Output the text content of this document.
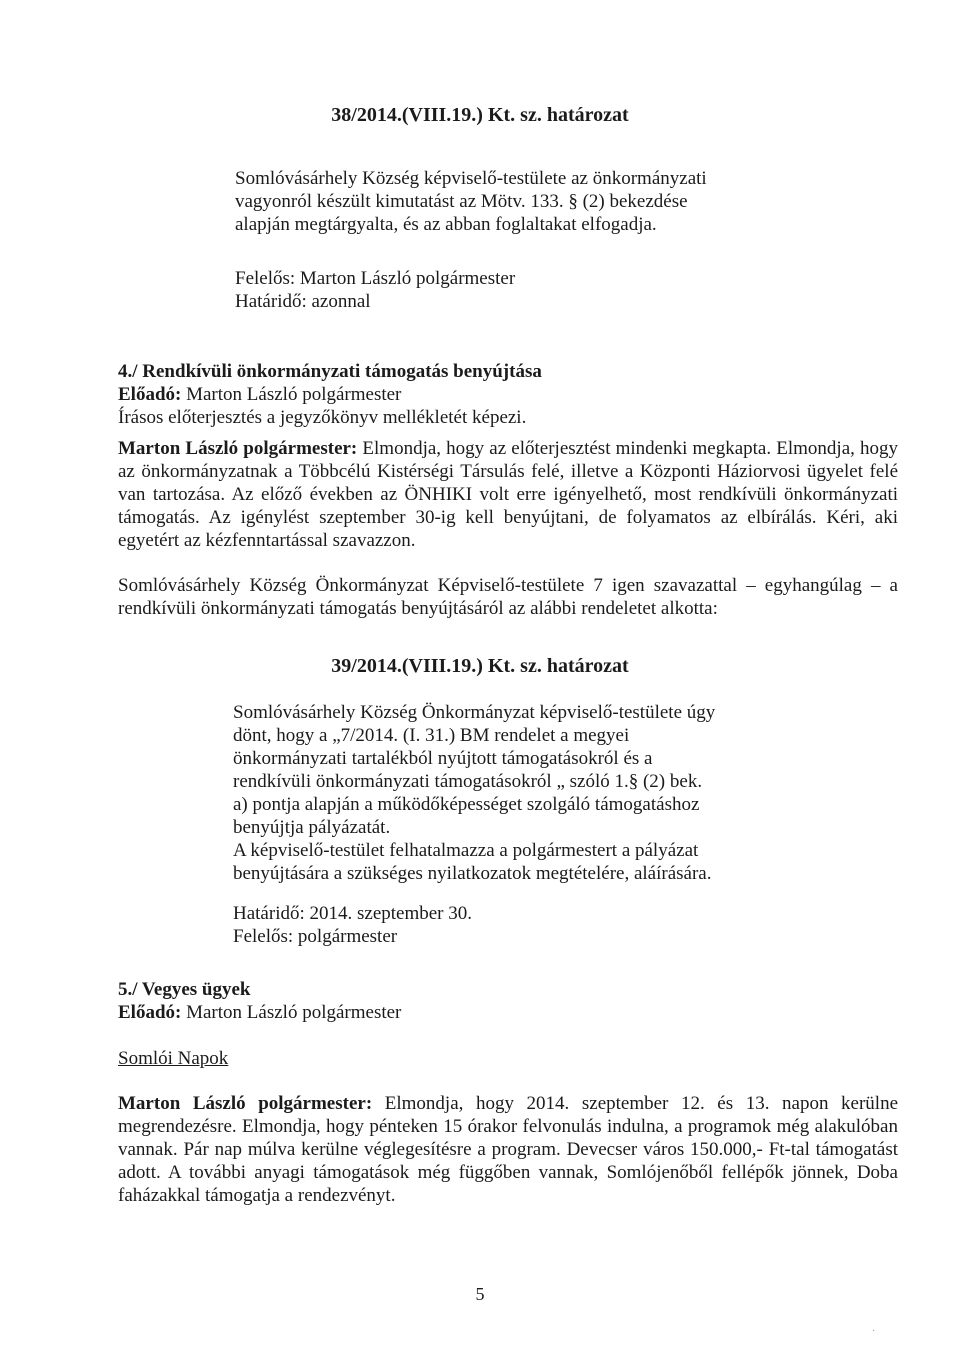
38/2014.(VIII.19.) Kt. sz. határozat
Somlóvásárhely Község képviselő-testülete az önkormányzati
vagyonról készült kimutatást az Mötv. 133. § (2) bekezdése
alapján megtárgyalta, és az abban foglaltakat elfogadja.
Felelős: Marton László polgármester
Határidő: azonnal
4./ Rendkívüli önkormányzati támogatás benyújtása
Előadó: Marton László polgármester
Írásos előterjesztés a jegyzőkönyv mellékletét képezi.
Marton László polgármester: Elmondja, hogy az előterjesztést mindenki megkapta. Elmondja, hogy az önkormányzatnak a Többcélú Kistérségi Társulás felé, illetve a Központi Háziorvosi ügyelet felé van tartozása. Az előző években az ÖNHIKI volt erre igényelhető, most rendkívüli önkormányzati támogatás. Az igénylést szeptember 30-ig kell benyújtani, de folyamatos az elbírálás. Kéri, aki egyetért az kézfenntartással szavazzon.
Somlóvásárhely Község Önkormányzat Képviselő-testülete 7 igen szavazattal – egyhangúlag – a rendkívüli önkormányzati támogatás benyújtásáról az alábbi rendeletet alkotta:
39/2014.(VIII.19.) Kt. sz. határozat
Somlóvásárhely Község Önkormányzat képviselő-testülete úgy
dönt, hogy a „7/2014. (I. 31.) BM rendelet a megyei
önkormányzati tartalékból nyújtott támogatásokról és a
rendkívüli önkormányzati támogatásokról „ szóló 1.§ (2) bek.
a) pontja alapján a működőképességet szolgáló támogatáshoz
benyújtja pályázatát.
A képviselő-testület felhatalmazza a polgármestert a pályázat
benyújtására a szükséges nyilatkozatok megtételére, aláírására.
Határidő: 2014. szeptember 30.
Felelős: polgármester
5./ Vegyes ügyek
Előadó: Marton László polgármester
Somlói Napok
Marton László polgármester: Elmondja, hogy 2014. szeptember 12. és 13. napon kerülne megrendezésre. Elmondja, hogy pénteken 15 órakor felvonulás indulna, a programok még alakulóban vannak. Pár nap múlva kerülne véglegesítésre a program. Devecser város 150.000,- Ft-tal támogatást adott. A további anyagi támogatások még függőben vannak, Somlójenőből fellépők jönnek, Doba faházakkal támogatja a rendezvényt.
5
·
